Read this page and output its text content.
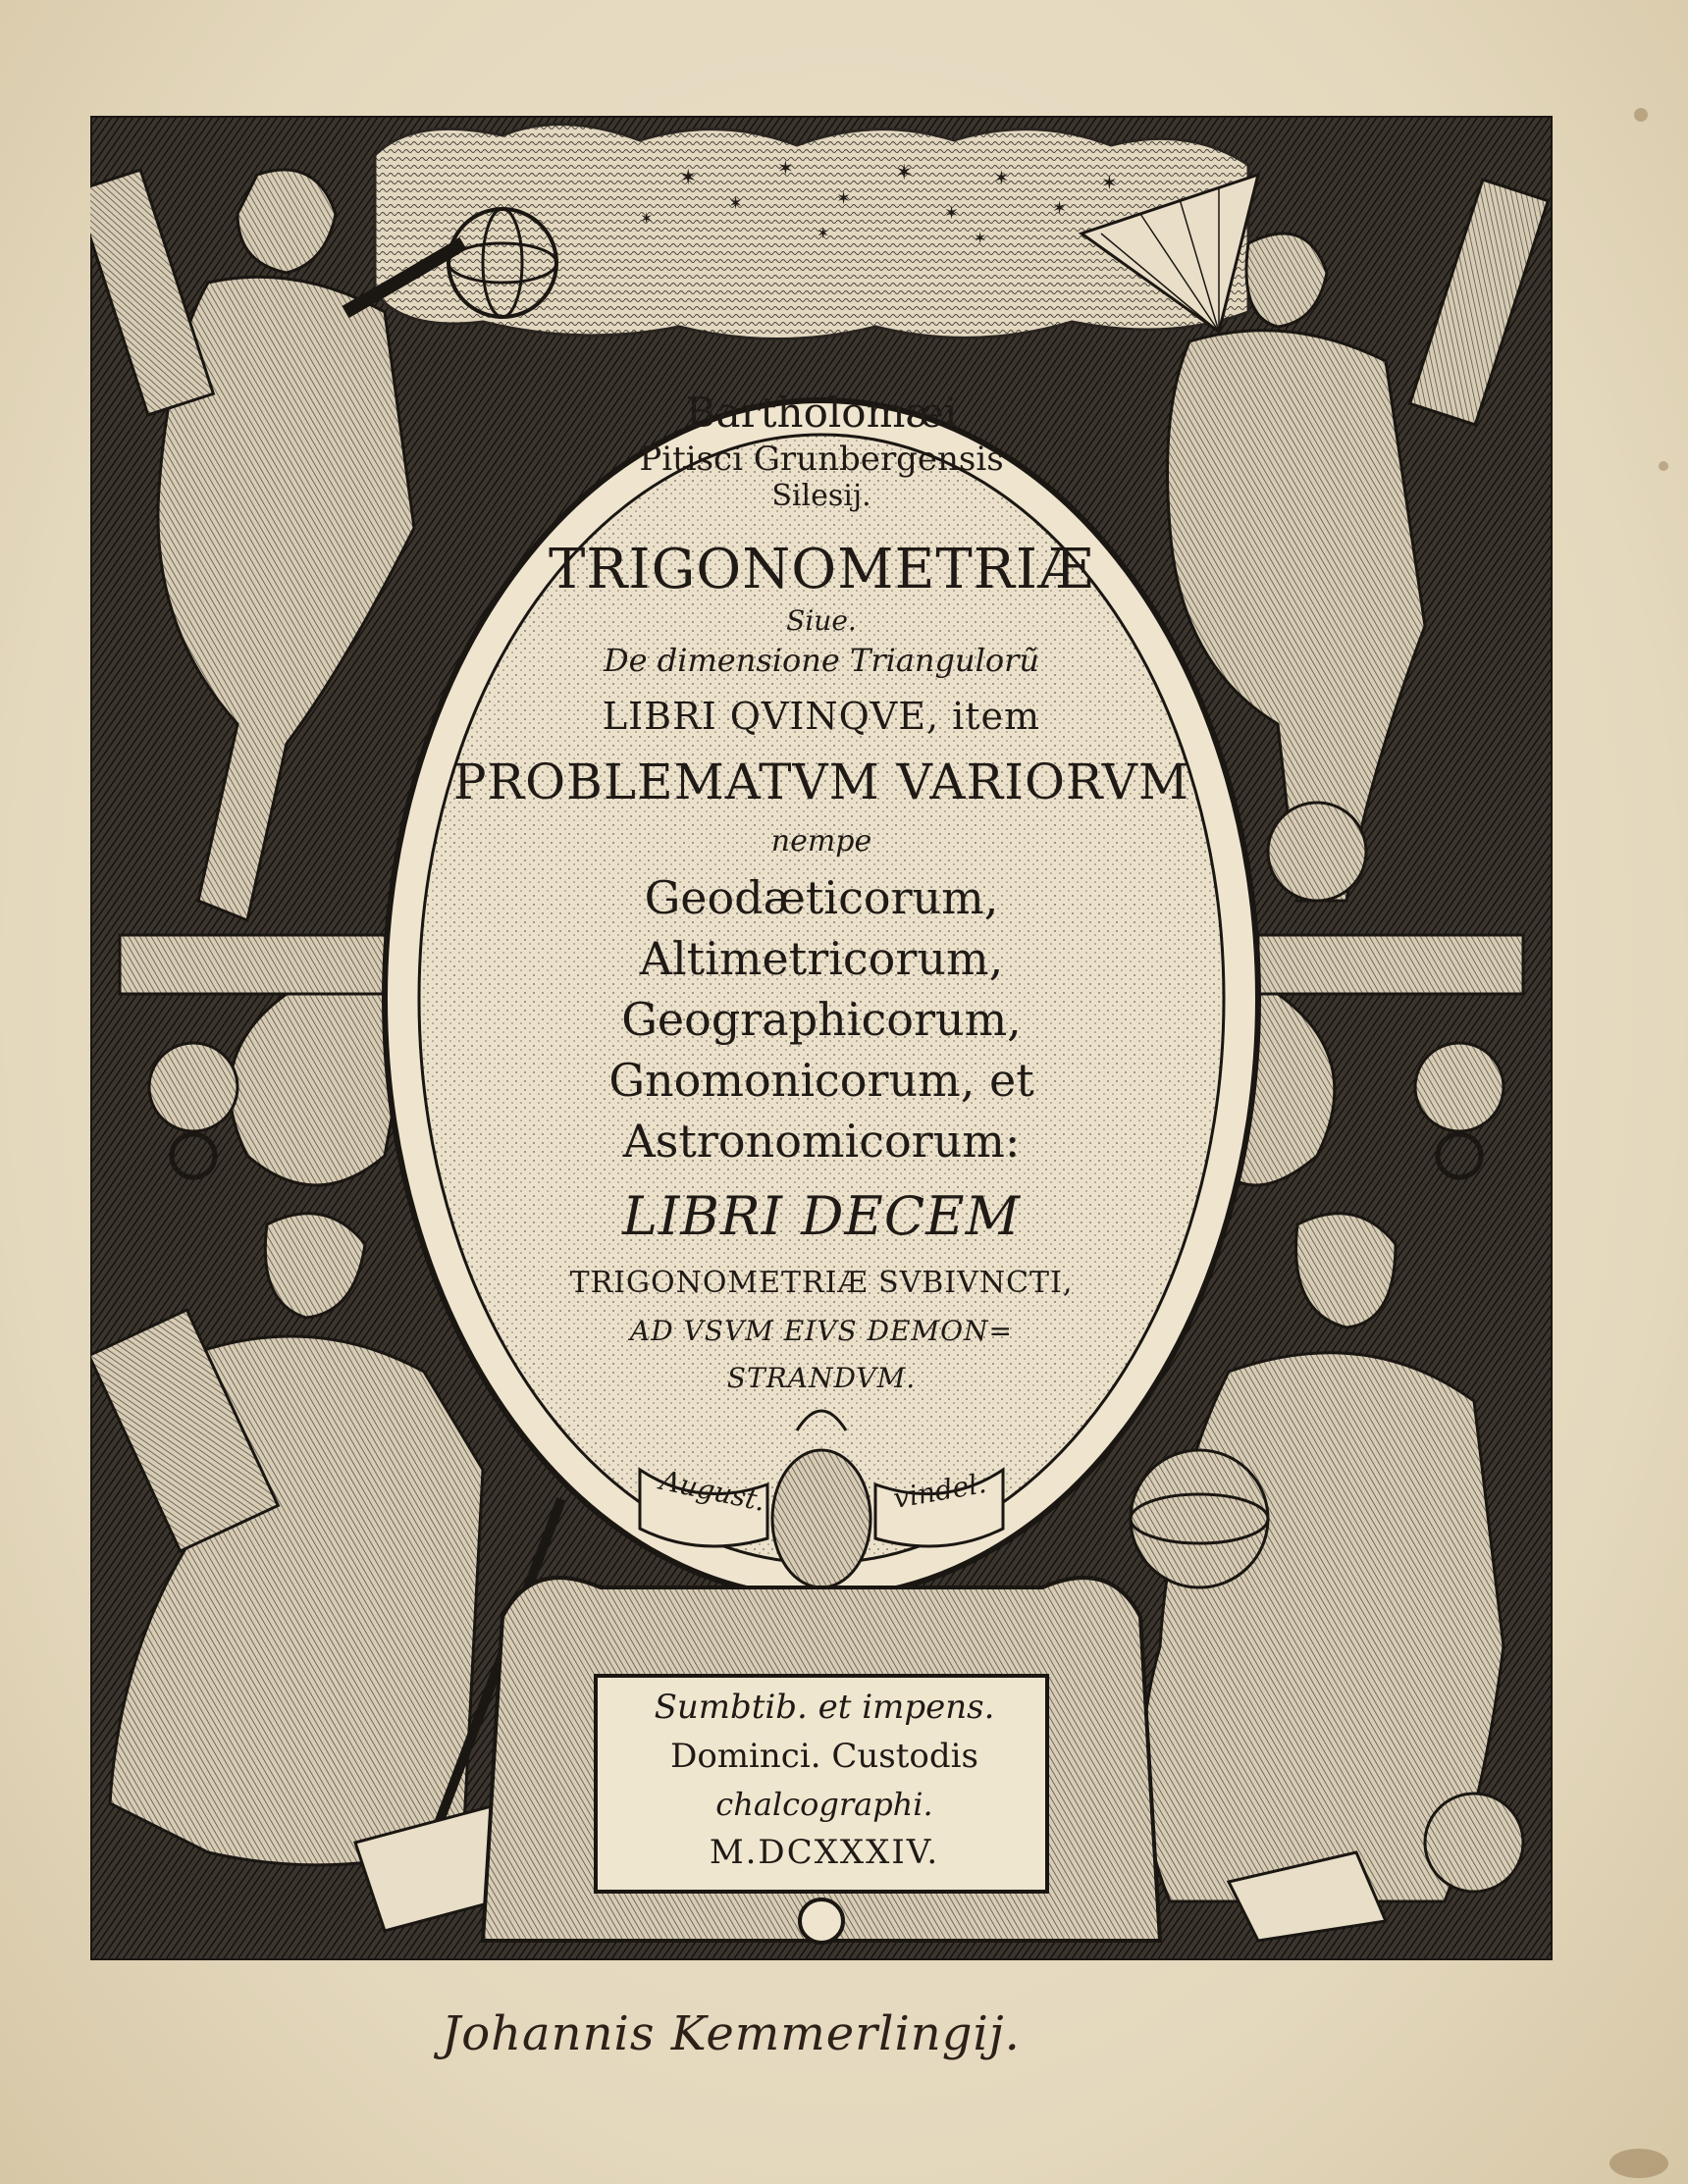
✶
✶
✶
✶
✶
✶
✶
✶
✶
✶
✶	✶
Bartholomæi
Pitisci Grunbergensis
Silesij.
TRIGONOMETRIÆ
Siue.
De dimensione Triangulorũ
LIBRI QVINQVE, item
PROBLEMATVM VARIORVM
nempe
Geodæticorum,
Altimetricorum,
Geographicorum,
Gnomonicorum, et
Astronomicorum:
LIBRI DECEM
TRIGONOMETRIÆ SVBIVNCTI,
AD VSVM EIVS DEMON=
STRANDVM.
August.	vindel.
Sumbtib. et impens.
Dominci. Custodis
chalcographi.
M.DCXXXIV.
Johannis Kemmerlingij.
